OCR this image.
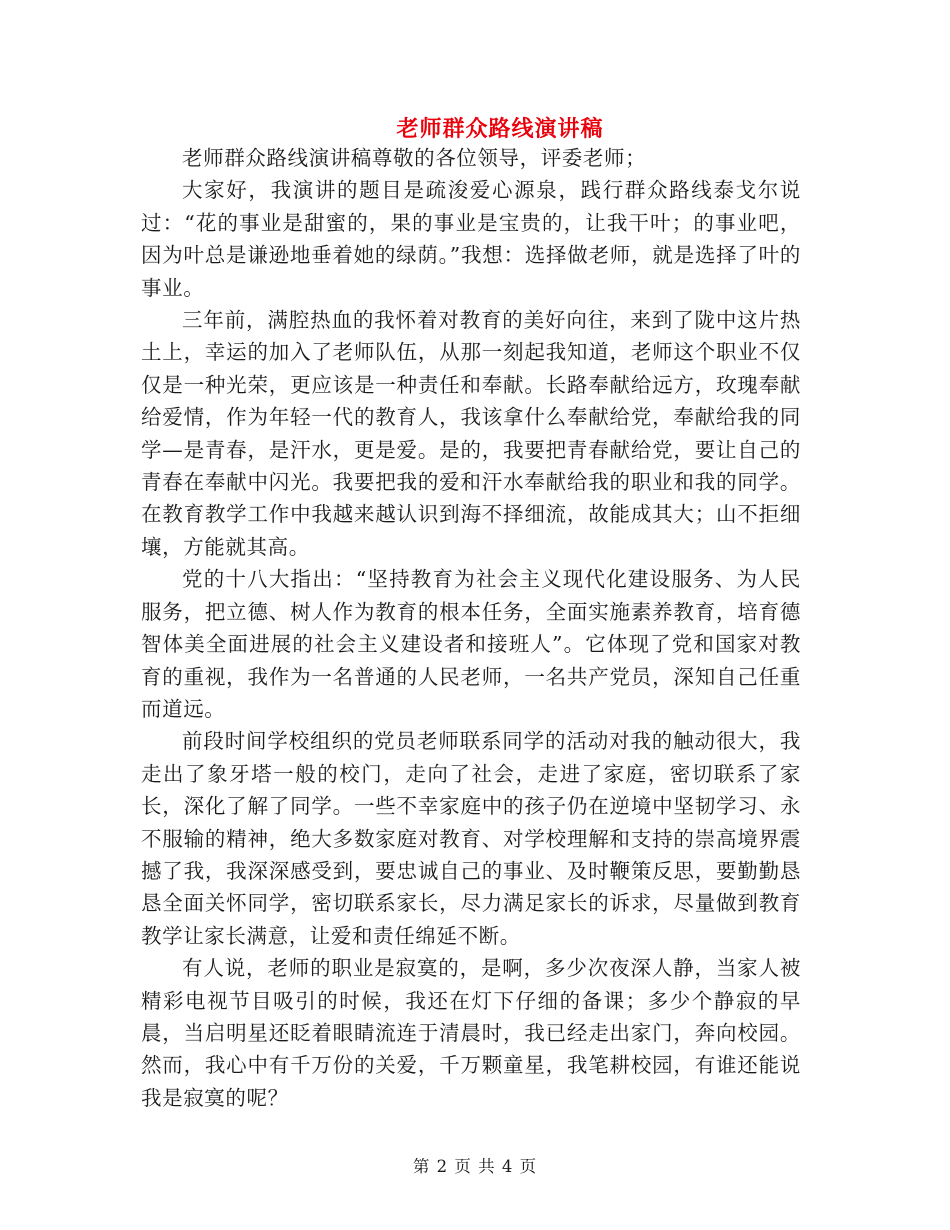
老师群众路线演讲稿

老师群众路线演讲稿尊敬的各位领导，评委老师；

大家好，我演讲的题目是疏浚爱心源泉，践行群众路线泰戈尔说过：“花的事业是甜蜜的，果的事业是宝贵的，让我干叶；的事业吧，因为叶总是谦逊地垂着她的绿荫。”我想：选择做老师，就是选择了叶的事业。

三年前，满腔热血的我怀着对教育的美好向往，来到了陇中这片热土上，幸运的加入了老师队伍，从那一刻起我知道，老师这个职业不仅仅是一种光荣，更应该是一种责任和奉献。长路奉献给远方，玫瑰奉献给爱情，作为年轻一代的教育人，我该拿什么奉献给党，奉献给我的同学—是青春，是汗水，更是爱。是的，我要把青春献给党，要让自己的青春在奉献中闪光。我要把我的爱和汗水奉献给我的职业和我的同学。在教育教学工作中我越来越认识到海不择细流，故能成其大；山不拒细壤，方能就其高。

党的十八大指出：“坚持教育为社会主义现代化建设服务、为人民服务，把立德、树人作为教育的根本任务，全面实施素养教育，培育德智体美全面进展的社会主义建设者和接班人”。它体现了党和国家对教育的重视，我作为一名普通的人民老师，一名共产党员，深知自己任重而道远。

前段时间学校组织的党员老师联系同学的活动对我的触动很大，我走出了象牙塔一般的校门，走向了社会，走进了家庭，密切联系了家长，深化了解了同学。一些不幸家庭中的孩子仍在逆境中坚韧学习、永不服输的精神，绝大多数家庭对教育、对学校理解和支持的崇高境界震撼了我，我深深感受到，要忠诚自己的事业、及时鞭策反思，要勤勤恳恳全面关怀同学，密切联系家长，尽力满足家长的诉求，尽量做到教育教学让家长满意，让爱和责任绵延不断。

有人说，老师的职业是寂寞的，是啊，多少次夜深人静，当家人被精彩电视节目吸引的时候，我还在灯下仔细的备课；多少个静寂的早晨，当启明星还眨着眼睛流连于清晨时，我已经走出家门，奔向校园。然而，我心中有千万份的关爱，千万颗童星，我笔耕校园，有谁还能说我是寂寞的呢？

第 2 页 共 4 页
